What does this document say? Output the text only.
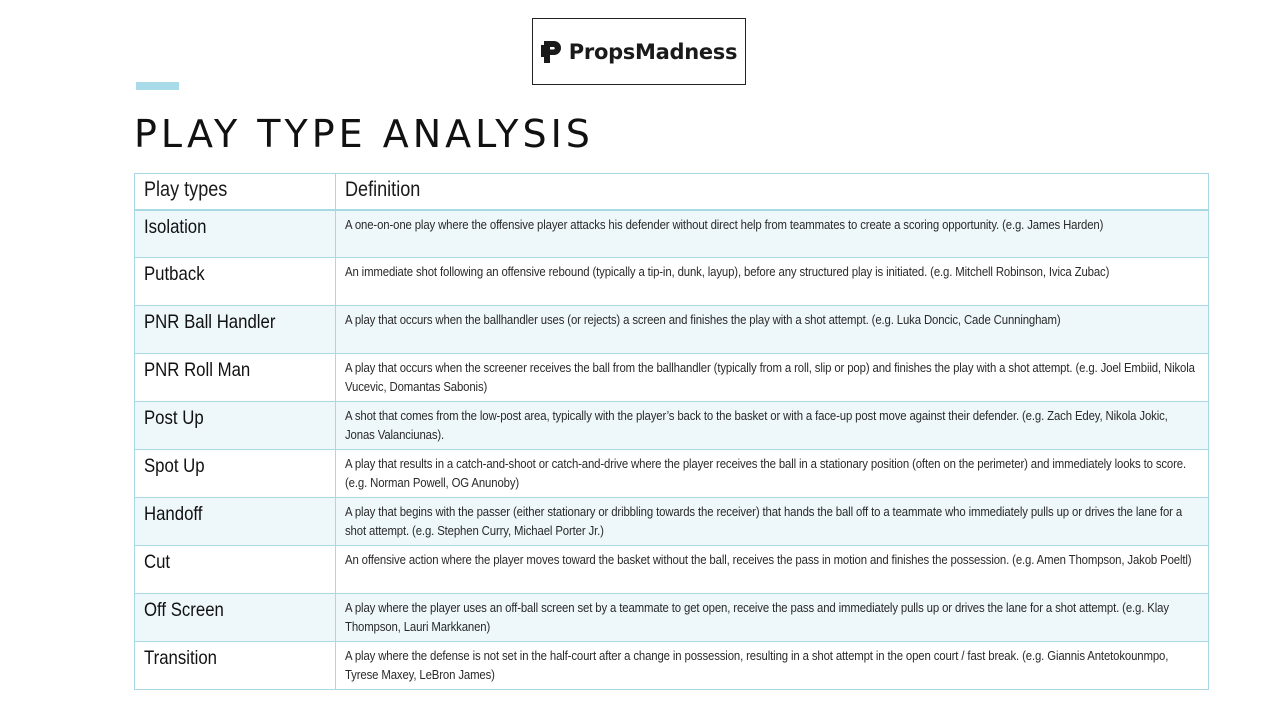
PropsMadness
PLAY TYPE ANALYSIS
Play types	Definition
Isolation	A one-on-one play where the offensive player attacks his defender without direct help from teammates to create a scoring opportunity. (e.g. James Harden)

Putback	An immediate shot following an offensive rebound (typically a tip-in, dunk, layup), before any structured play is initiated. (e.g. Mitchell Robinson, Ivica Zubac)

PNR Ball Handler	A play that occurs when the ballhandler uses (or rejects) a screen and finishes the play with a shot attempt. (e.g. Luka Doncic, Cade Cunningham)

PNR Roll Man	A play that occurs when the screener receives the ball from the ballhandler (typically from a roll, slip or pop) and finishes the play with a shot attempt. (e.g. Joel Embiid, Nikola Vucevic, Domantas Sabonis)

Post Up	A shot that comes from the low-post area, typically with the player’s back to the basket or with a face-up post move against their defender. (e.g. Zach Edey, Nikola Jokic, Jonas Valanciunas).

Spot Up	A play that results in a catch-and-shoot or catch-and-drive where the player receives the ball in a stationary position (often on the perimeter) and immediately looks to score. (e.g. Norman Powell, OG Anunoby)

Handoff	A play that begins with the passer (either stationary or dribbling towards the receiver) that hands the ball off to a teammate who immediately pulls up or drives the lane for a shot attempt. (e.g. Stephen Curry, Michael Porter Jr.)

Cut	An offensive action where the player moves toward the basket without the ball, receives the pass in motion and finishes the possession. (e.g. Amen Thompson, Jakob Poeltl)

Off Screen	A play where the player uses an off-ball screen set by a teammate to get open, receive the pass and immediately pulls up or drives the lane for a shot attempt. (e.g. Klay Thompson, Lauri Markkanen)

Transition	A play where the defense is not set in the half-court after a change in possession, resulting in a shot attempt in the open court / fast break. (e.g. Giannis Antetokounmpo, Tyrese Maxey, LeBron James)
